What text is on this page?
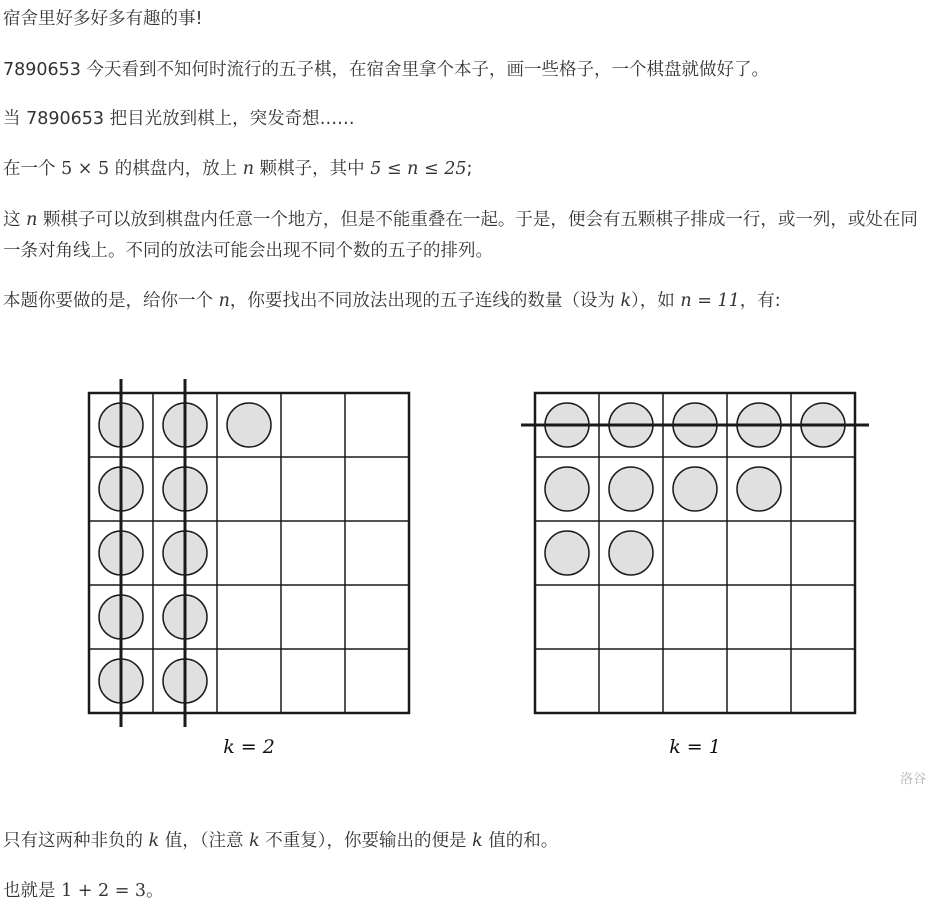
宿舍里好多好多有趣的事!

7890653 今天看到不知何时流行的五子棋，在宿舍里拿个本子，画一些格子，一个棋盘就做好了。

当 7890653 把目光放到棋上，突发奇想……

在一个 5 × 5 的棋盘内，放上 n 颗棋子，其中 5 ≤ n ≤ 25;

这 n 颗棋子可以放到棋盘内任意一个地方，但是不能重叠在一起。于是，便会有五颗棋子排成一行，或一列，或处在同一条对角线上。不同的放法可能会出现不同个数的五子的排列。

本题你要做的是，给你一个 n，你要找出不同放法出现的五子连线的数量（设为 k），如 n = 11，有:

k = 2	k = 1
洛谷

只有这两种非负的 k 值，（注意 k 不重复），你要输出的便是 k 值的和。

也就是 1 + 2 = 3。
